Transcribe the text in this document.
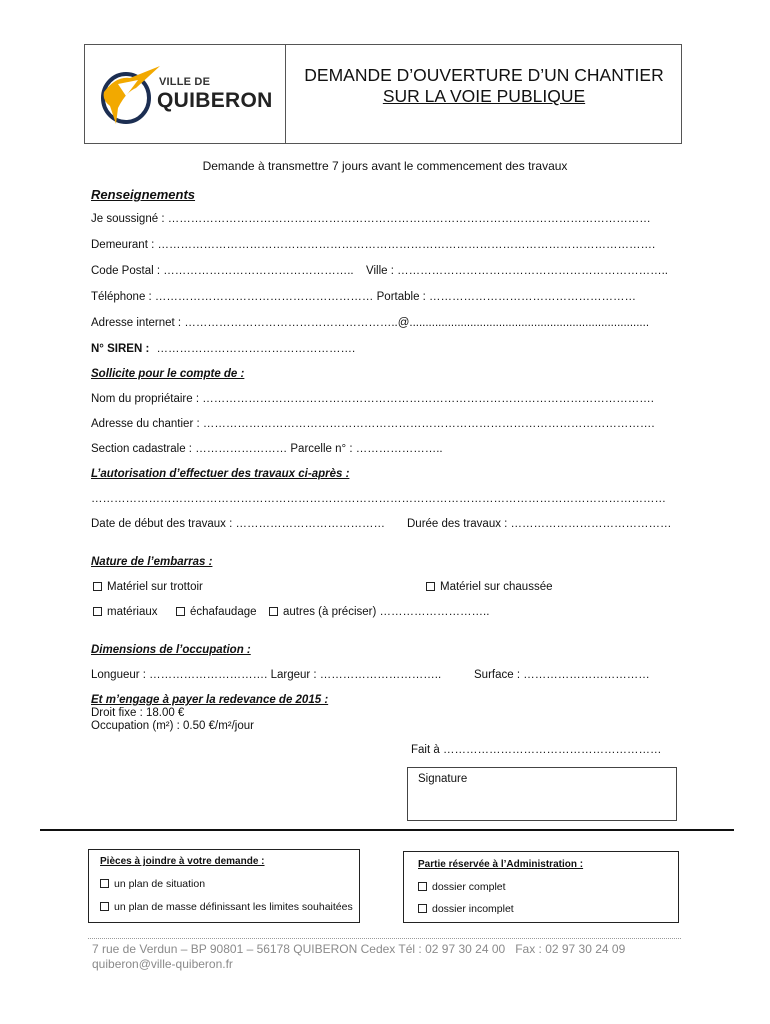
VILLE DE
QUIBERON
DEMANDE D’OUVERTURE D’UN CHANTIER
SUR LA VOIE PUBLIQUE
Demande à transmettre 7 jours avant le commencement des travaux
Renseignements
Je soussigné : ………………………………………………………………………………………………………………
Demeurant : ………………………………………………………………………………………………………………….
Code Postal : ………………………………………….. Ville : ……………………………………………………………..
Téléphone : ………………………………………………… Portable : ………………………………………………
Adresse internet : ………………………………………………..@...........................................................................
N° SIREN : …………………………………………….
Sollicite pour le compte de :
Nom du propriétaire : ……………………………………………………………………………………………………….
Adresse du chantier : ……………………………………………………………………………………………………….
Section cadastrale : …………………… Parcelle n° : …………………..
L’autorisation d’effectuer des travaux ci-après :
……………………………………………………………………………………………………………………………………
Date de début des travaux : ………………………………… Durée des travaux : ……………………………………
Nature de l’embarras :
Matériel sur trottoir	Matériel sur chaussée
matériaux	échafaudage	autres (à préciser) ………………………..
Dimensions de l’occupation :
Longueur : …………………………. Largeur : …………………………..	Surface : ……………………………
Et m’engage à payer la redevance de 2015 :
Droit fixe : 18.00 €
Occupation (m²) : 0.50 €/m²/jour
Fait à …………………………………………………
Signature
Pièces à joindre à votre demande :
un plan de situation
un plan de masse définissant les limites souhaitées
Partie réservée à l’Administration :
dossier complet
dossier incomplet
7 rue de Verdun – BP 90801 – 56178 QUIBERON Cedex Tél : 02 97 30 24 00 Fax : 02 97 30 24 09
quiberon@ville-quiberon.fr
